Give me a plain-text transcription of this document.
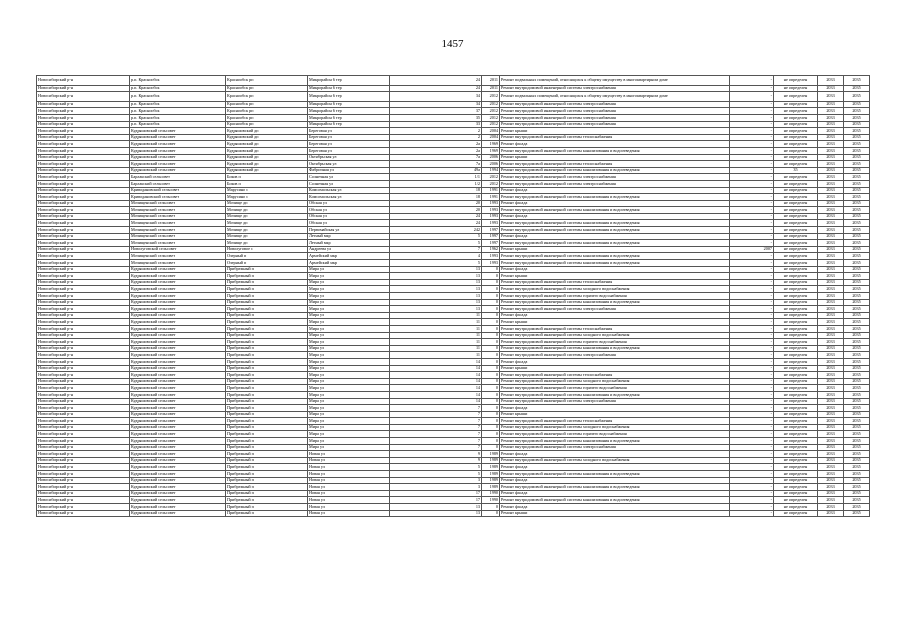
1457
Новосибирский р-н	р.п. Краснообск	Краснообск рп	Микрорайон 6 тер	24	2011	Ремонт подвальных помещений, относящихся к общему имуществу в многоквартирном доме	-	не определен	2033	2035
Новосибирский р-н	р.п. Краснообск	Краснообск рп	Микрорайон 6 тер	24	2011	Ремонт внутридомовой инженерной системы электроснабжения	-	не определен	2033	2035
Новосибирский р-н	р.п. Краснообск	Краснообск рп	Микрорайон 6 тер	34	2012	Ремонт подвальных помещений, относящихся к общему имуществу в многоквартирном доме	-	не определен	2033	2035
Новосибирский р-н	р.п. Краснообск	Краснообск рп	Микрорайон 6 тер	34	2012	Ремонт внутридомовой инженерной системы электроснабжения	-	не определен	2033	2035
Новосибирский р-н	р.п. Краснообск	Краснообск рп	Микрорайон 6 тер	37	2012	Ремонт внутридомовой инженерной системы электроснабжения	-	не определен	2033	2035
Новосибирский р-н	р.п. Краснообск	Краснообск рп	Микрорайон 6 тер	35	2012	Ремонт внутридомовой инженерной системы электроснабжения	-	не определен	2033	2035
Новосибирский р-н	р.п. Краснообск	Краснообск рп	Микрорайон 6 тер	33	2012	Ремонт внутридомовой инженерной системы электроснабжения	-	не определен	2033	2035
Новосибирский р-н	Кудряшовский сельсовет	Кудряшовский дп	Береговая ул	2	2004	Ремонт крыши	-	не определен	2033	2035
Новосибирский р-н	Кудряшовский сельсовет	Кудряшовский дп	Береговая ул	2	2004	Ремонт внутридомовой инженерной системы теплоснабжения	-	не определен	2033	2035
Новосибирский р-н	Кудряшовский сельсовет	Кудряшовский дп	Береговая ул	2а	1969	Ремонт фасада	-	не определен	2033	2035
Новосибирский р-н	Кудряшовский сельсовет	Кудряшовский дп	Береговая ул	2а	1969	Ремонт внутридомовой инженерной системы канализования и водоотведения	-	не определен	2033	2035
Новосибирский р-н	Кудряшовский сельсовет	Кудряшовский дп	Октябрьская ул	7а	2006	Ремонт крыши	-	не определен	2033	2035
Новосибирский р-н	Кудряшовский сельсовет	Кудряшовский дп	Октябрьская ул	7а	2006	Ремонт внутридомовой инженерной системы теплоснабжения	-	не определен	2033	2035
Новосибирский р-н	Кудряшовский сельсовет	Кудряшовский дп	Фабричная ул	49а	1994	Ремонт внутридомовой инженерной системы канализования и водоотведения	-	35	2033	2035
Новосибирский р-н	Барлакский сельсовет	Боков п	Солнечная ул	1/1	2012	Ремонт внутридомовой инженерной системы электроснабжения	-	не определен	2033	2035
Новосибирский р-н	Барлакский сельсовет	Боков п	Солнечная ул	1/2	2012	Ремонт внутридомовой инженерной системы электроснабжения	-	не определен	2033	2035
Новосибирский р-н	Криводановский сельсовет	Марусино с	Комсомольская ул	18	1991	Ремонт фасада	-	не определен	2033	2035
Новосибирский р-н	Криводановский сельсовет	Марусино с	Комсомольская ул	18	1991	Ремонт внутридомовой инженерной системы канализования и водоотведения	-	не определен	2033	2035
Новосибирский р-н	Мочищенский сельсовет	Мочище дп	Обская ул	20	1993	Ремонт фасада	-	не определен	2033	2035
Новосибирский р-н	Мочищенский сельсовет	Мочище дп	Обская ул	20	1993	Ремонт внутридомовой инженерной системы канализования и водоотведения	-	не определен	2033	2035
Новосибирский р-н	Мочищенский сельсовет	Мочище дп	Обская ул	24	1993	Ремонт фасада	-	не определен	2033	2035
Новосибирский р-н	Мочищенский сельсовет	Мочище дп	Обская ул	24	1993	Ремонт внутридомовой инженерной системы канализования и водоотведения	-	не определен	2033	2035
Новосибирский р-н	Мочищенский сельсовет	Мочище дп	Первомайская ул	242	1997	Ремонт внутридомовой инженерной системы канализования и водоотведения	-	не определен	2033	2035
Новосибирский р-н	Мочищенский сельсовет	Мочище дп	Летный мкр	5	1997	Ремонт фасада	-	не определен	2033	2035
Новосибирский р-н	Мочищенский сельсовет	Мочище дп	Летный мкр	5	1997	Ремонт внутридомовой инженерной системы канализования и водоотведения	-	не определен	2033	2035
Новосибирский р-н	Новолуговской сельсовет	Новолуговое с	Андреева ул	7	1962	Ремонт крыши	2007	не определен	2033	2035
Новосибирский р-н	Мочищенский сельсовет	Озерный п	Армейский мкр	4	1993	Ремонт внутридомовой инженерной системы канализования и водоотведения	-	не определен	2033	2035
Новосибирский р-н	Мочищенский сельсовет	Озерный п	Армейский мкр	5	1993	Ремонт внутридомовой инженерной системы канализования и водоотведения	-	не определен	2033	2035
Новосибирский р-н	Кудряшовский сельсовет	Прибрежный п	Мира ул	13	0	Ремонт фасада	-	не определен	2033	2035
Новосибирский р-н	Кудряшовский сельсовет	Прибрежный п	Мира ул	13	0	Ремонт крыши	-	не определен	2033	2035
Новосибирский р-н	Кудряшовский сельсовет	Прибрежный п	Мира ул	13	0	Ремонт внутридомовой инженерной системы теплоснабжения	-	не определен	2033	2035
Новосибирский р-н	Кудряшовский сельсовет	Прибрежный п	Мира ул	13	0	Ремонт внутридомовой инженерной системы холодного водоснабжения	-	не определен	2033	2035
Новосибирский р-н	Кудряшовский сельсовет	Прибрежный п	Мира ул	13	0	Ремонт внутридомовой инженерной системы горячего водоснабжения	-	не определен	2033	2035
Новосибирский р-н	Кудряшовский сельсовет	Прибрежный п	Мира ул	13	0	Ремонт внутридомовой инженерной системы канализования и водоотведения	-	не определен	2033	2035
Новосибирский р-н	Кудряшовский сельсовет	Прибрежный п	Мира ул	13	0	Ремонт внутридомовой инженерной системы электроснабжения	-	не определен	2033	2035
Новосибирский р-н	Кудряшовский сельсовет	Прибрежный п	Мира ул	11	0	Ремонт фасада	-	не определен	2033	2035
Новосибирский р-н	Кудряшовский сельсовет	Прибрежный п	Мира ул	11	0	Ремонт крыши	-	не определен	2033	2035
Новосибирский р-н	Кудряшовский сельсовет	Прибрежный п	Мира ул	11	0	Ремонт внутридомовой инженерной системы теплоснабжения	-	не определен	2033	2035
Новосибирский р-н	Кудряшовский сельсовет	Прибрежный п	Мира ул	11	0	Ремонт внутридомовой инженерной системы холодного водоснабжения	-	не определен	2033	2035
Новосибирский р-н	Кудряшовский сельсовет	Прибрежный п	Мира ул	11	0	Ремонт внутридомовой инженерной системы горячего водоснабжения	-	не определен	2033	2035
Новосибирский р-н	Кудряшовский сельсовет	Прибрежный п	Мира ул	11	0	Ремонт внутридомовой инженерной системы канализования и водоотведения	-	не определен	2033	2035
Новосибирский р-н	Кудряшовский сельсовет	Прибрежный п	Мира ул	11	0	Ремонт внутридомовой инженерной системы электроснабжения	-	не определен	2033	2035
Новосибирский р-н	Кудряшовский сельсовет	Прибрежный п	Мира ул	14	0	Ремонт фасада	-	не определен	2033	2035
Новосибирский р-н	Кудряшовский сельсовет	Прибрежный п	Мира ул	14	0	Ремонт крыши	-	не определен	2033	2035
Новосибирский р-н	Кудряшовский сельсовет	Прибрежный п	Мира ул	14	0	Ремонт внутридомовой инженерной системы теплоснабжения	-	не определен	2033	2035
Новосибирский р-н	Кудряшовский сельсовет	Прибрежный п	Мира ул	14	0	Ремонт внутридомовой инженерной системы холодного водоснабжения	-	не определен	2033	2035
Новосибирский р-н	Кудряшовский сельсовет	Прибрежный п	Мира ул	14	0	Ремонт внутридомовой инженерной системы горячего водоснабжения	-	не определен	2033	2035
Новосибирский р-н	Кудряшовский сельсовет	Прибрежный п	Мира ул	14	0	Ремонт внутридомовой инженерной системы канализования и водоотведения	-	не определен	2033	2035
Новосибирский р-н	Кудряшовский сельсовет	Прибрежный п	Мира ул	14	0	Ремонт внутридомовой инженерной системы электроснабжения	-	не определен	2033	2035
Новосибирский р-н	Кудряшовский сельсовет	Прибрежный п	Мира ул	7	0	Ремонт фасада	-	не определен	2033	2035
Новосибирский р-н	Кудряшовский сельсовет	Прибрежный п	Мира ул	7	0	Ремонт крыши	-	не определен	2033	2035
Новосибирский р-н	Кудряшовский сельсовет	Прибрежный п	Мира ул	7	0	Ремонт внутридомовой инженерной системы теплоснабжения	-	не определен	2033	2035
Новосибирский р-н	Кудряшовский сельсовет	Прибрежный п	Мира ул	7	0	Ремонт внутридомовой инженерной системы холодного водоснабжения	-	не определен	2033	2035
Новосибирский р-н	Кудряшовский сельсовет	Прибрежный п	Мира ул	7	0	Ремонт внутридомовой инженерной системы горячего водоснабжения	-	не определен	2033	2035
Новосибирский р-н	Кудряшовский сельсовет	Прибрежный п	Мира ул	7	0	Ремонт внутридомовой инженерной системы канализования и водоотведения	-	не определен	2033	2035
Новосибирский р-н	Кудряшовский сельсовет	Прибрежный п	Мира ул	7	0	Ремонт внутридомовой инженерной системы электроснабжения	-	не определен	2033	2035
Новосибирский р-н	Кудряшовский сельсовет	Прибрежный п	Новая ул	9	1989	Ремонт фасада	-	не определен	2033	2035
Новосибирский р-н	Кудряшовский сельсовет	Прибрежный п	Новая ул	9	1989	Ремонт внутридомовой инженерной системы холодного водоснабжения	-	не определен	2033	2035
Новосибирский р-н	Кудряшовский сельсовет	Прибрежный п	Новая ул	5	1989	Ремонт фасада	-	не определен	2033	2035
Новосибирский р-н	Кудряшовский сельсовет	Прибрежный п	Новая ул	5	1989	Ремонт внутридомовой инженерной системы канализования и водоотведения	-	не определен	2033	2035
Новосибирский р-н	Кудряшовский сельсовет	Прибрежный п	Новая ул	3	1989	Ремонт фасада	-	не определен	2033	2035
Новосибирский р-н	Кудряшовский сельсовет	Прибрежный п	Новая ул	3	1989	Ремонт внутридомовой инженерной системы канализования и водоотведения	-	не определен	2033	2035
Новосибирский р-н	Кудряшовский сельсовет	Прибрежный п	Новая ул	17	1990	Ремонт фасада	-	не определен	2033	2035
Новосибирский р-н	Кудряшовский сельсовет	Прибрежный п	Новая ул	17	1990	Ремонт внутридомовой инженерной системы канализования и водоотведения	-	не определен	2033	2035
Новосибирский р-н	Кудряшовский сельсовет	Прибрежный п	Новая ул	13	0	Ремонт фасада	-	не определен	2033	2035
Новосибирский р-н	Кудряшовский сельсовет	Прибрежный п	Новая ул	13	0	Ремонт крыши	-	не определен	2033	2035
